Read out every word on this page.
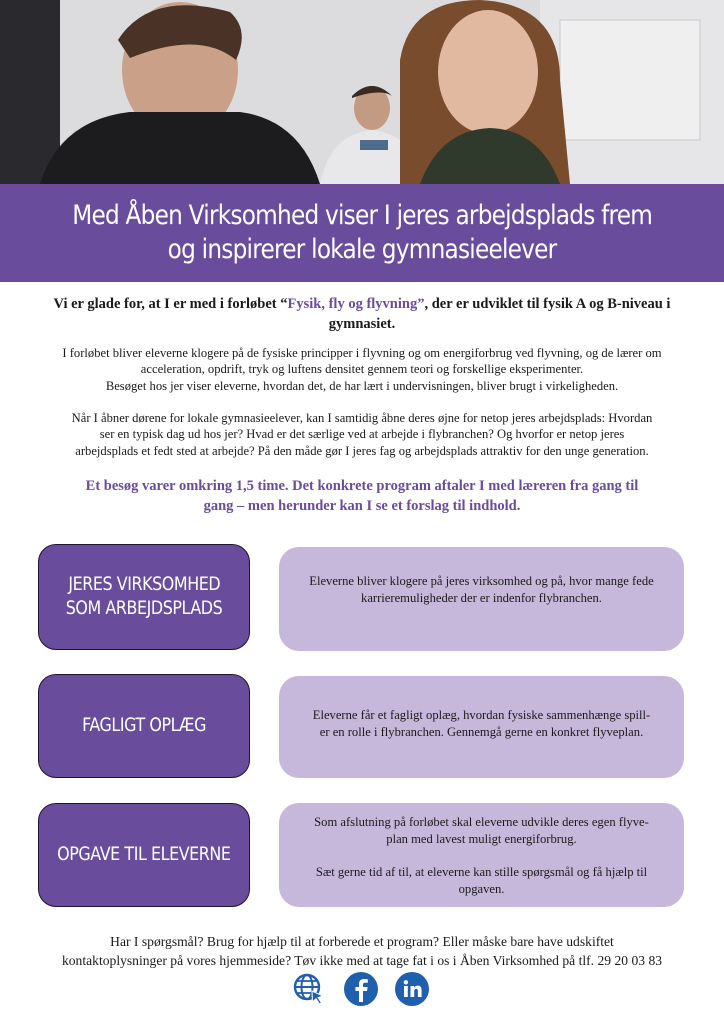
Med Åben Virksomhed viser I jeres arbejdsplads frem
og inspirerer lokale gymnasieelever
Vi er glade for, at I er med i forløbet “Fysik, fly og flyvning”, der er udviklet til fysik A og B-niveau i gymnasiet.
I forløbet bliver eleverne klogere på de fysiske principper i flyvning og om energiforbrug ved flyvning, og de lærer om
acceleration, opdrift, tryk og luftens densitet gennem teori og forskellige eksperimenter.
Besøget hos jer viser eleverne, hvordan det, de har lært i undervisningen, bliver brugt i virkeligheden.
Når I åbner dørene for lokale gymnasieelever, kan I samtidig åbne deres øjne for netop jeres arbejdsplads: Hvordan
ser en typisk dag ud hos jer? Hvad er det særlige ved at arbejde i flybranchen? Og hvorfor er netop jeres
arbejdsplads et fedt sted at arbejde? På den måde gør I jeres fag og arbejdsplads attraktiv for den unge generation.
Et besøg varer omkring 1,5 time. Det konkrete program aftaler I med læreren fra gang til
gang – men herunder kan I se et forslag til indhold.
JERES VIRKSOMHED
SOM ARBEJDSPLADS
Eleverne bliver klogere på jeres virksomhed og på, hvor mange fede
karrieremuligheder der er indenfor flybranchen.
FAGLIGT OPLÆG	Eleverne får et fagligt oplæg, hvordan fysiske sammenhænge spill-
er en rolle i flybranchen. Gennemgå gerne en konkret flyveplan.
OPGAVE TIL ELEVERNE
Som afslutning på forløbet skal eleverne udvikle deres egen flyve-
plan med lavest muligt energiforbrug.
Sæt gerne tid af til, at eleverne kan stille spørgsmål og få hjælp til
opgaven.
Har I spørgsmål? Brug for hjælp til at forberede et program? Eller måske bare have udskiftet
kontaktoplysninger på vores hjemmeside? Tøv ikke med at tage fat i os i Åben Virksomhed på tlf. 29 20 03 83
